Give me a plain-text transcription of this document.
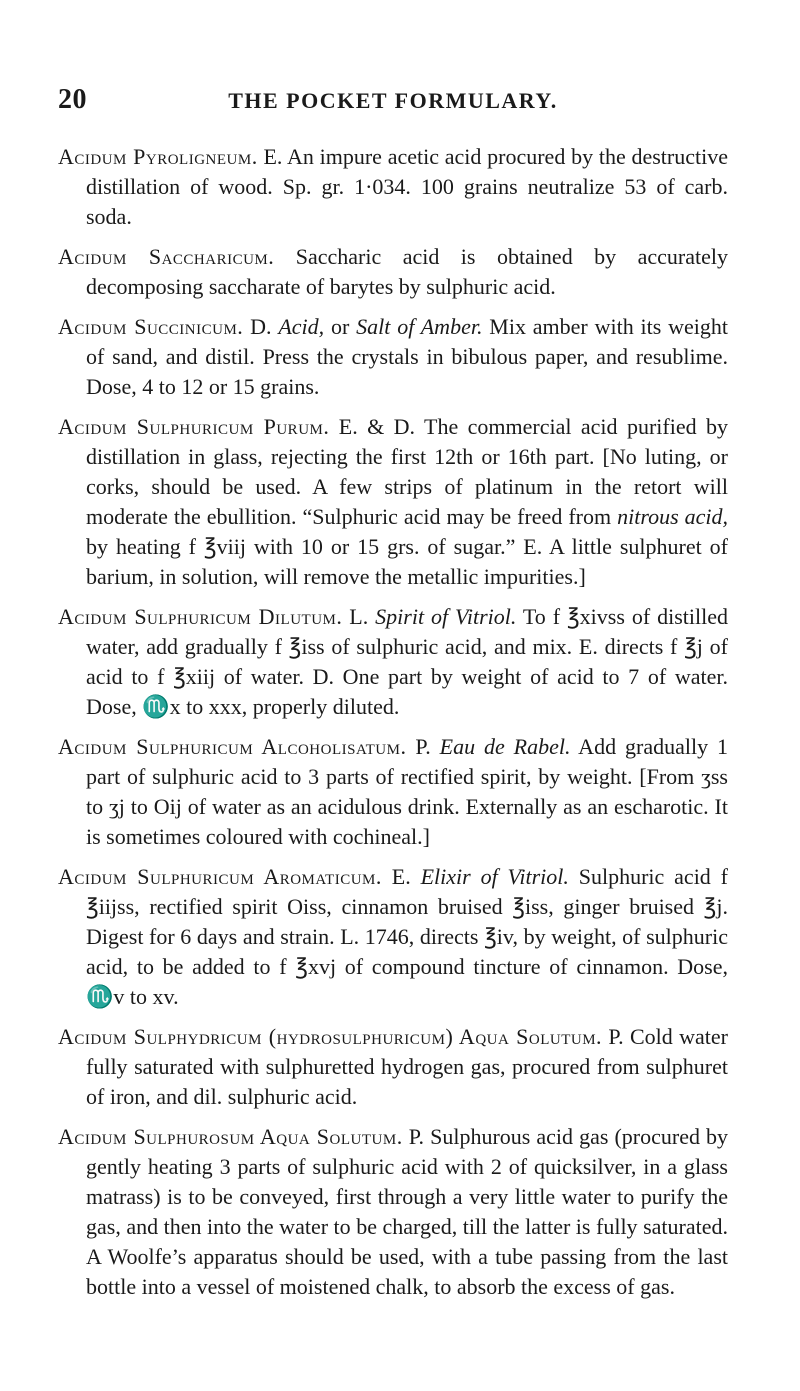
20	THE POCKET FORMULARY.

Acidum Pyrolignеum. E. An impure acetic acid procured by the destructive distillation of wood. Sp. gr. 1·034. 100 grains neutralize 53 of carb. soda.

Acidum Saccharicum. Saccharic acid is obtained by accurately decomposing saccharate of barytes by sulphuric acid.

Acidum Succinicum. D. Acid, or Salt of Amber. Mix amber with its weight of sand, and distil. Press the crystals in bibulous paper, and resublime. Dose, 4 to 12 or 15 grains.

Acidum Sulphuricum Purum. E. & D. The commercial acid purified by distillation in glass, rejecting the first 12th or 16th part. [No luting, or corks, should be used. A few strips of platinum in the retort will moderate the ebullition. “Sulphuric acid may be freed from nitrous acid, by heating f ℥viij with 10 or 15 grs. of sugar.” E. A little sulphuret of barium, in solution, will remove the metallic impurities.]

Acidum Sulphuricum Dilutum. L. Spirit of Vitriol. To f ℥xivss of distilled water, add gradually f ℥iss of sulphuric acid, and mix. E. directs f ℥j of acid to f ℥xiij of water. D. One part by weight of acid to 7 of water. Dose, ♏x to xxx, properly diluted.

Acidum Sulphuricum Alcoholisatum. P. Eau de Rabel. Add gradually 1 part of sulphuric acid to 3 parts of rectified spirit, by weight. [From ʒss to ʒj to Oij of water as an acidulous drink. Externally as an escharotic. It is sometimes coloured with cochineal.]

Acidum Sulphuricum Aromaticum. E. Elixir of Vitriol. Sulphuric acid f ℥iijss, rectified spirit Oiss, cinnamon bruised ℥iss, ginger bruised ℥j. Digest for 6 days and strain. L. 1746, directs ℥iv, by weight, of sulphuric acid, to be added to f ℥xvj of compound tincture of cinnamon. Dose, ♏v to xv.

Acidum Sulphydricum (hydrosulphuricum) Aqua Solutum. P. Cold water fully saturated with sulphuretted hydrogen gas, procured from sulphuret of iron, and dil. sulphuric acid.

Acidum Sulphurosum Aqua Solutum. P. Sulphurous acid gas (procured by gently heating 3 parts of sulphuric acid with 2 of quicksilver, in a glass matrass) is to be conveyed, first through a very little water to purify the gas, and then into the water to be charged, till the latter is fully saturated. A Woolfe’s apparatus should be used, with a tube passing from the last bottle into a vessel of moistened chalk, to absorb the excess of gas.
